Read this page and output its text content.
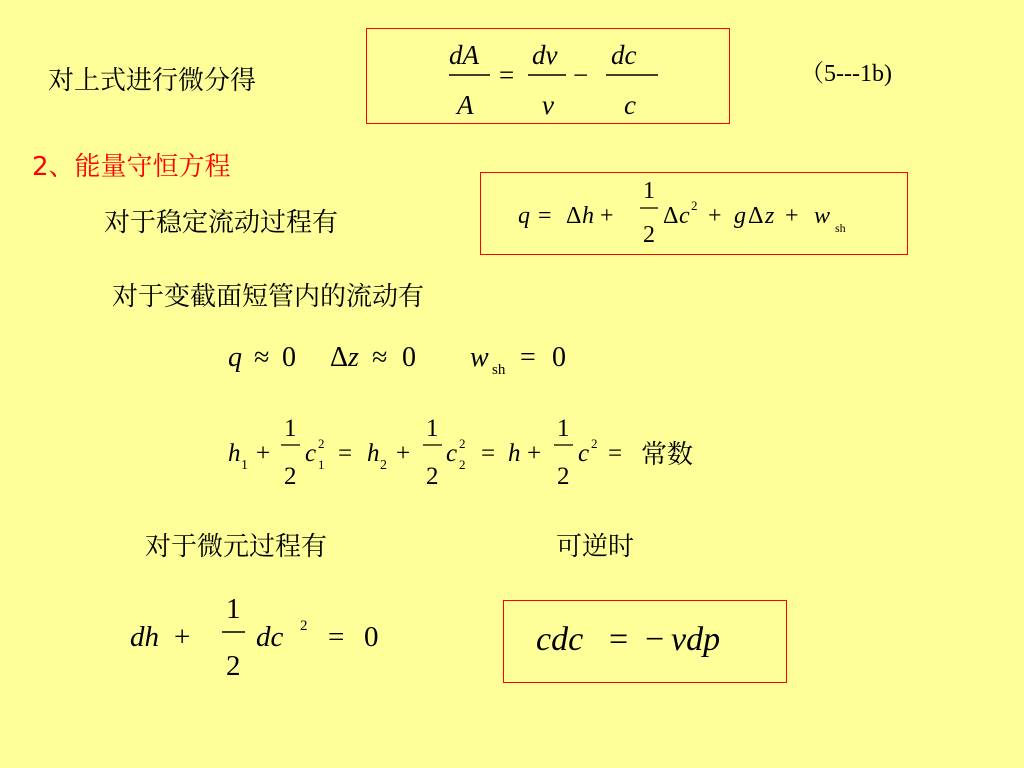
对上式进行微分得
dA
A
=
dv
v
−
dc
c
（5---1b)
2、能量守恒方程
对于稳定流动过程有	q = Δ h +
1
2
Δ c 2 + g Δ z + w sh
对于变截面短管内的流动有
q ≈ 0 Δ z ≈ 0 w sh = 0
h 1 +
1
2
c 2
1 = h 2 +
1
2
c 2
2 = h +
1
2
c 2 = 常数
对于微元过程有	可逆时
dh +
1
2
dc 2 = 0	cdc = − vdp
